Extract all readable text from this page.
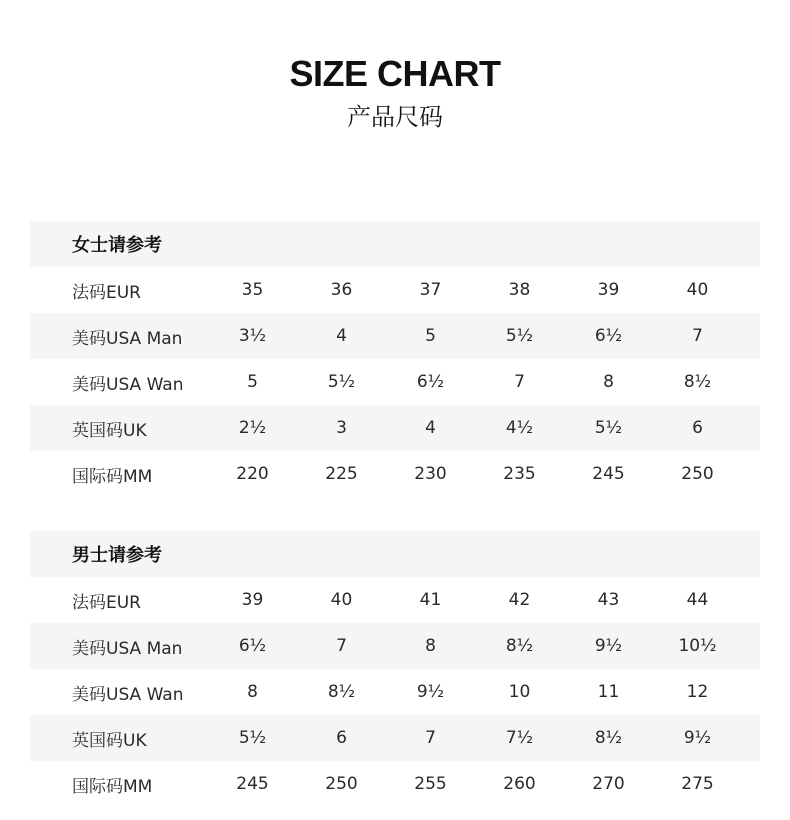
SIZE CHART
产品尺码
女士请参考
法码EUR	35	36	37	38	39	40
美码USA Man	3½	4	5	5½	6½	7
美码USA Wan	5	5½	6½	7	8	8½
英国码UK	2½	3	4	4½	5½	6
国际码MM	220	225	230	235	245	250
男士请参考
法码EUR	39	40	41	42	43	44
美码USA Man	6½	7	8	8½	9½	10½
美码USA Wan	8	8½	9½	10	11	12
英国码UK	5½	6	7	7½	8½	9½
国际码MM	245	250	255	260	270	275
